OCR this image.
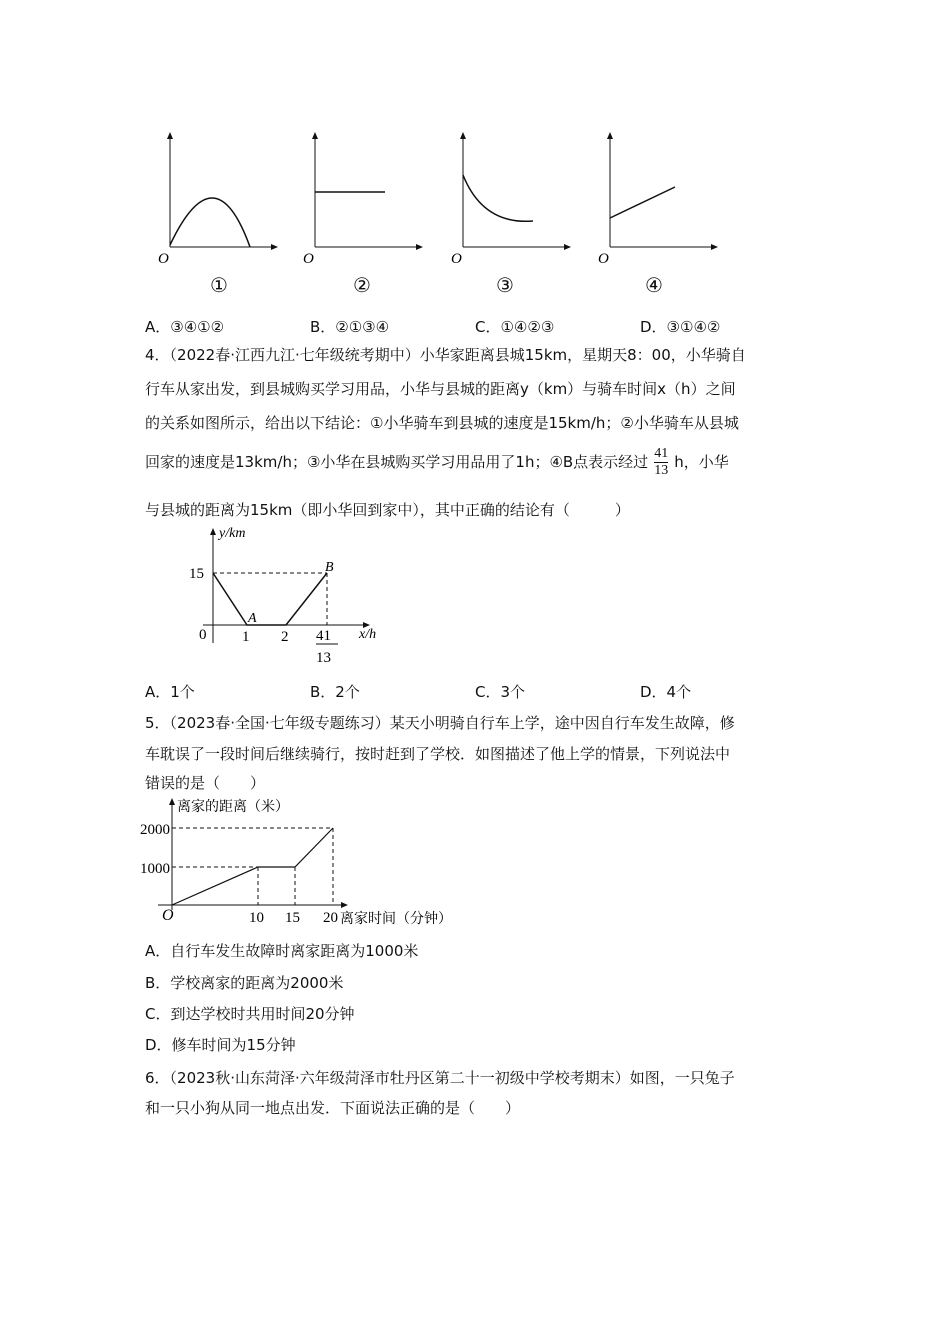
O	O	O	O
①	②	③	④
A．③④①②	B．②①③④	C．①④②③	D．③①④②
4．（2022春·江西九江·七年级统考期中）小华家距离县城15km，星期天8：00，小华骑自
行车从家出发，到县城购买学习用品，小华与县城的距离y（km）与骑车时间x（h）之间
的关系如图所示，给出以下结论：①小华骑车到县城的速度是15km/h；②小华骑车从县城
回家的速度是13km/h；③小华在县城购买学习用品用了1h；④B点表示经过 $\frac{41}{13}$ h，小华
与县城的距离为15km（即小华回到家中），其中正确的结论有（　　　）
y/km
15
0 1 2 41
13
x/h
A
B
A．1个	B．2个	C．3个	D．4个
5．（2023春·全国·七年级专题练习）某天小明骑自行车上学，途中因自行车发生故障，修
车耽误了一段时间后继续骑行，按时赶到了学校．如图描述了他上学的情景，下列说法中
错误的是（　　）
离家的距离（米）
2000
1000
O	10 15 20 离家时间（分钟）
A．自行车发生故障时离家距离为1000米
B．学校离家的距离为2000米
C．到达学校时共用时间20分钟
D．修车时间为15分钟
6．（2023秋·山东菏泽·六年级菏泽市牡丹区第二十一初级中学校考期末）如图，一只兔子
和一只小狗从同一地点出发．下面说法正确的是（　　）
